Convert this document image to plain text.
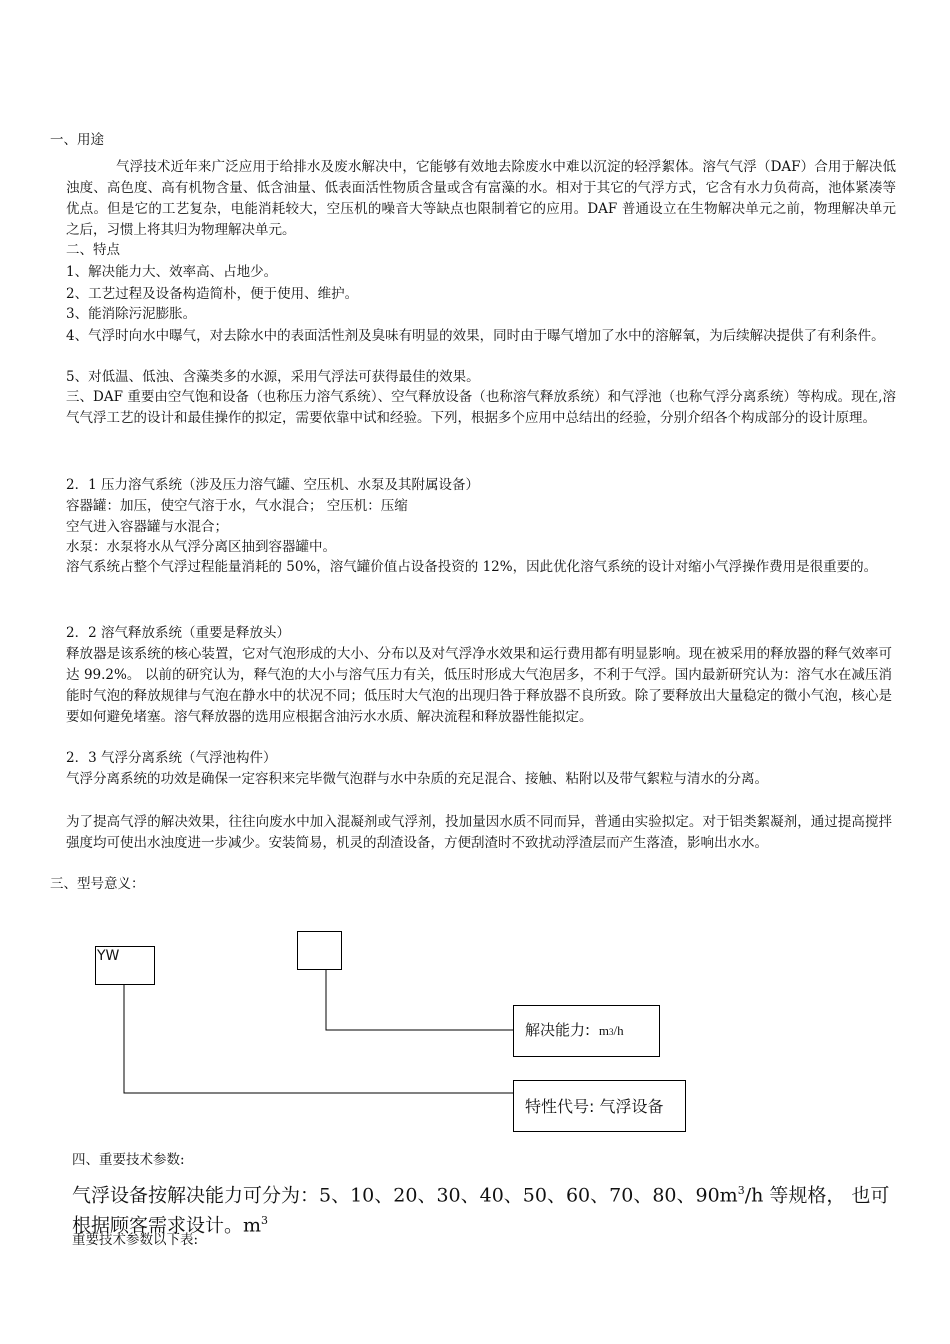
一、用途
气浮技术近年来广泛应用于给排水及废水解决中，它能够有效地去除废水中难以沉淀的轻浮絮体。溶气气浮（DAF）合用于解决低浊度、高色度、高有机物含量、低含油量、低表面活性物质含量或含有富藻的水。相对于其它的气浮方式，它含有水力负荷高，池体紧凑等优点。但是它的工艺复杂，电能消耗较大，空压机的噪音大等缺点也限制着它的应用。DAF 普通设立在生物解决单元之前，物理解决单元之后，习惯上将其归为物理解决单元。
二、特点
1、解决能力大、效率高、占地少。
2、工艺过程及设备构造简朴，便于使用、维护。
3、能消除污泥膨胀。
4、气浮时向水中曝气，对去除水中的表面活性剂及臭味有明显的效果，同时由于曝气增加了水中的溶解氧，为后续解决提供了有利条件。
5、对低温、低浊、含藻类多的水源，采用气浮法可获得最佳的效果。
三、DAF 重要由空气饱和设备（也称压力溶气系统）、空气释放设备（也称溶气释放系统）和气浮池（也称气浮分离系统）等构成。现在,溶气气浮工艺的设计和最佳操作的拟定，需要依靠中试和经验。下列，根据多个应用中总结出的经验，分别介绍各个构成部分的设计原理。
2．1 压力溶气系统（涉及压力溶气罐、空压机、水泵及其附属设备）
容器罐：加压，使空气溶于水，气水混合； 空压机：压缩
空气进入容器罐与水混合；
水泵：水泵将水从气浮分离区抽到容器罐中。
溶气系统占整个气浮过程能量消耗的 50%，溶气罐价值占设备投资的 12%，因此优化溶气系统的设计对缩小气浮操作费用是很重要的。
2．2 溶气释放系统（重要是释放头）
释放器是该系统的核心装置，它对气泡形成的大小、分布以及对气浮净水效果和运行费用都有明显影响。现在被采用的释放器的释气效率可达 99.2%。 以前的研究认为，释气泡的大小与溶气压力有关，低压时形成大气泡居多，不利于气浮。国内最新研究认为：溶气水在减压消能时气泡的释放规律与气泡在静水中的状况不同；低压时大气泡的出现归咎于释放器不良所致。除了要释放出大量稳定的微小气泡，核心是要如何避免堵塞。溶气释放器的选用应根据含油污水水质、解决流程和释放器性能拟定。
2．3 气浮分离系统（气浮池构件）
气浮分离系统的功效是确保一定容积来完毕微气泡群与水中杂质的充足混合、接触、粘附以及带气絮粒与清水的分离。
为了提高气浮的解决效果，往往向废水中加入混凝剂或气浮剂，投加量因水质不同而异，普通由实验拟定。对于铝类絮凝剂，通过提高搅拌强度均可使出水浊度进一步减少。安装简易，机灵的刮渣设备，方便刮渣时不致扰动浮渣层而产生落渣，影响出水水。
三、型号意义：
YW
解决能力: m3/h
特性代号: 气浮设备
四、重要技术参数:
气浮设备按解决能力可分为：5、10、20、30、40、50、60、70、80、$90m^3/h$ 等规格， 也可根据顾客需求设计。$m^3$
重要技术参数以下表:
